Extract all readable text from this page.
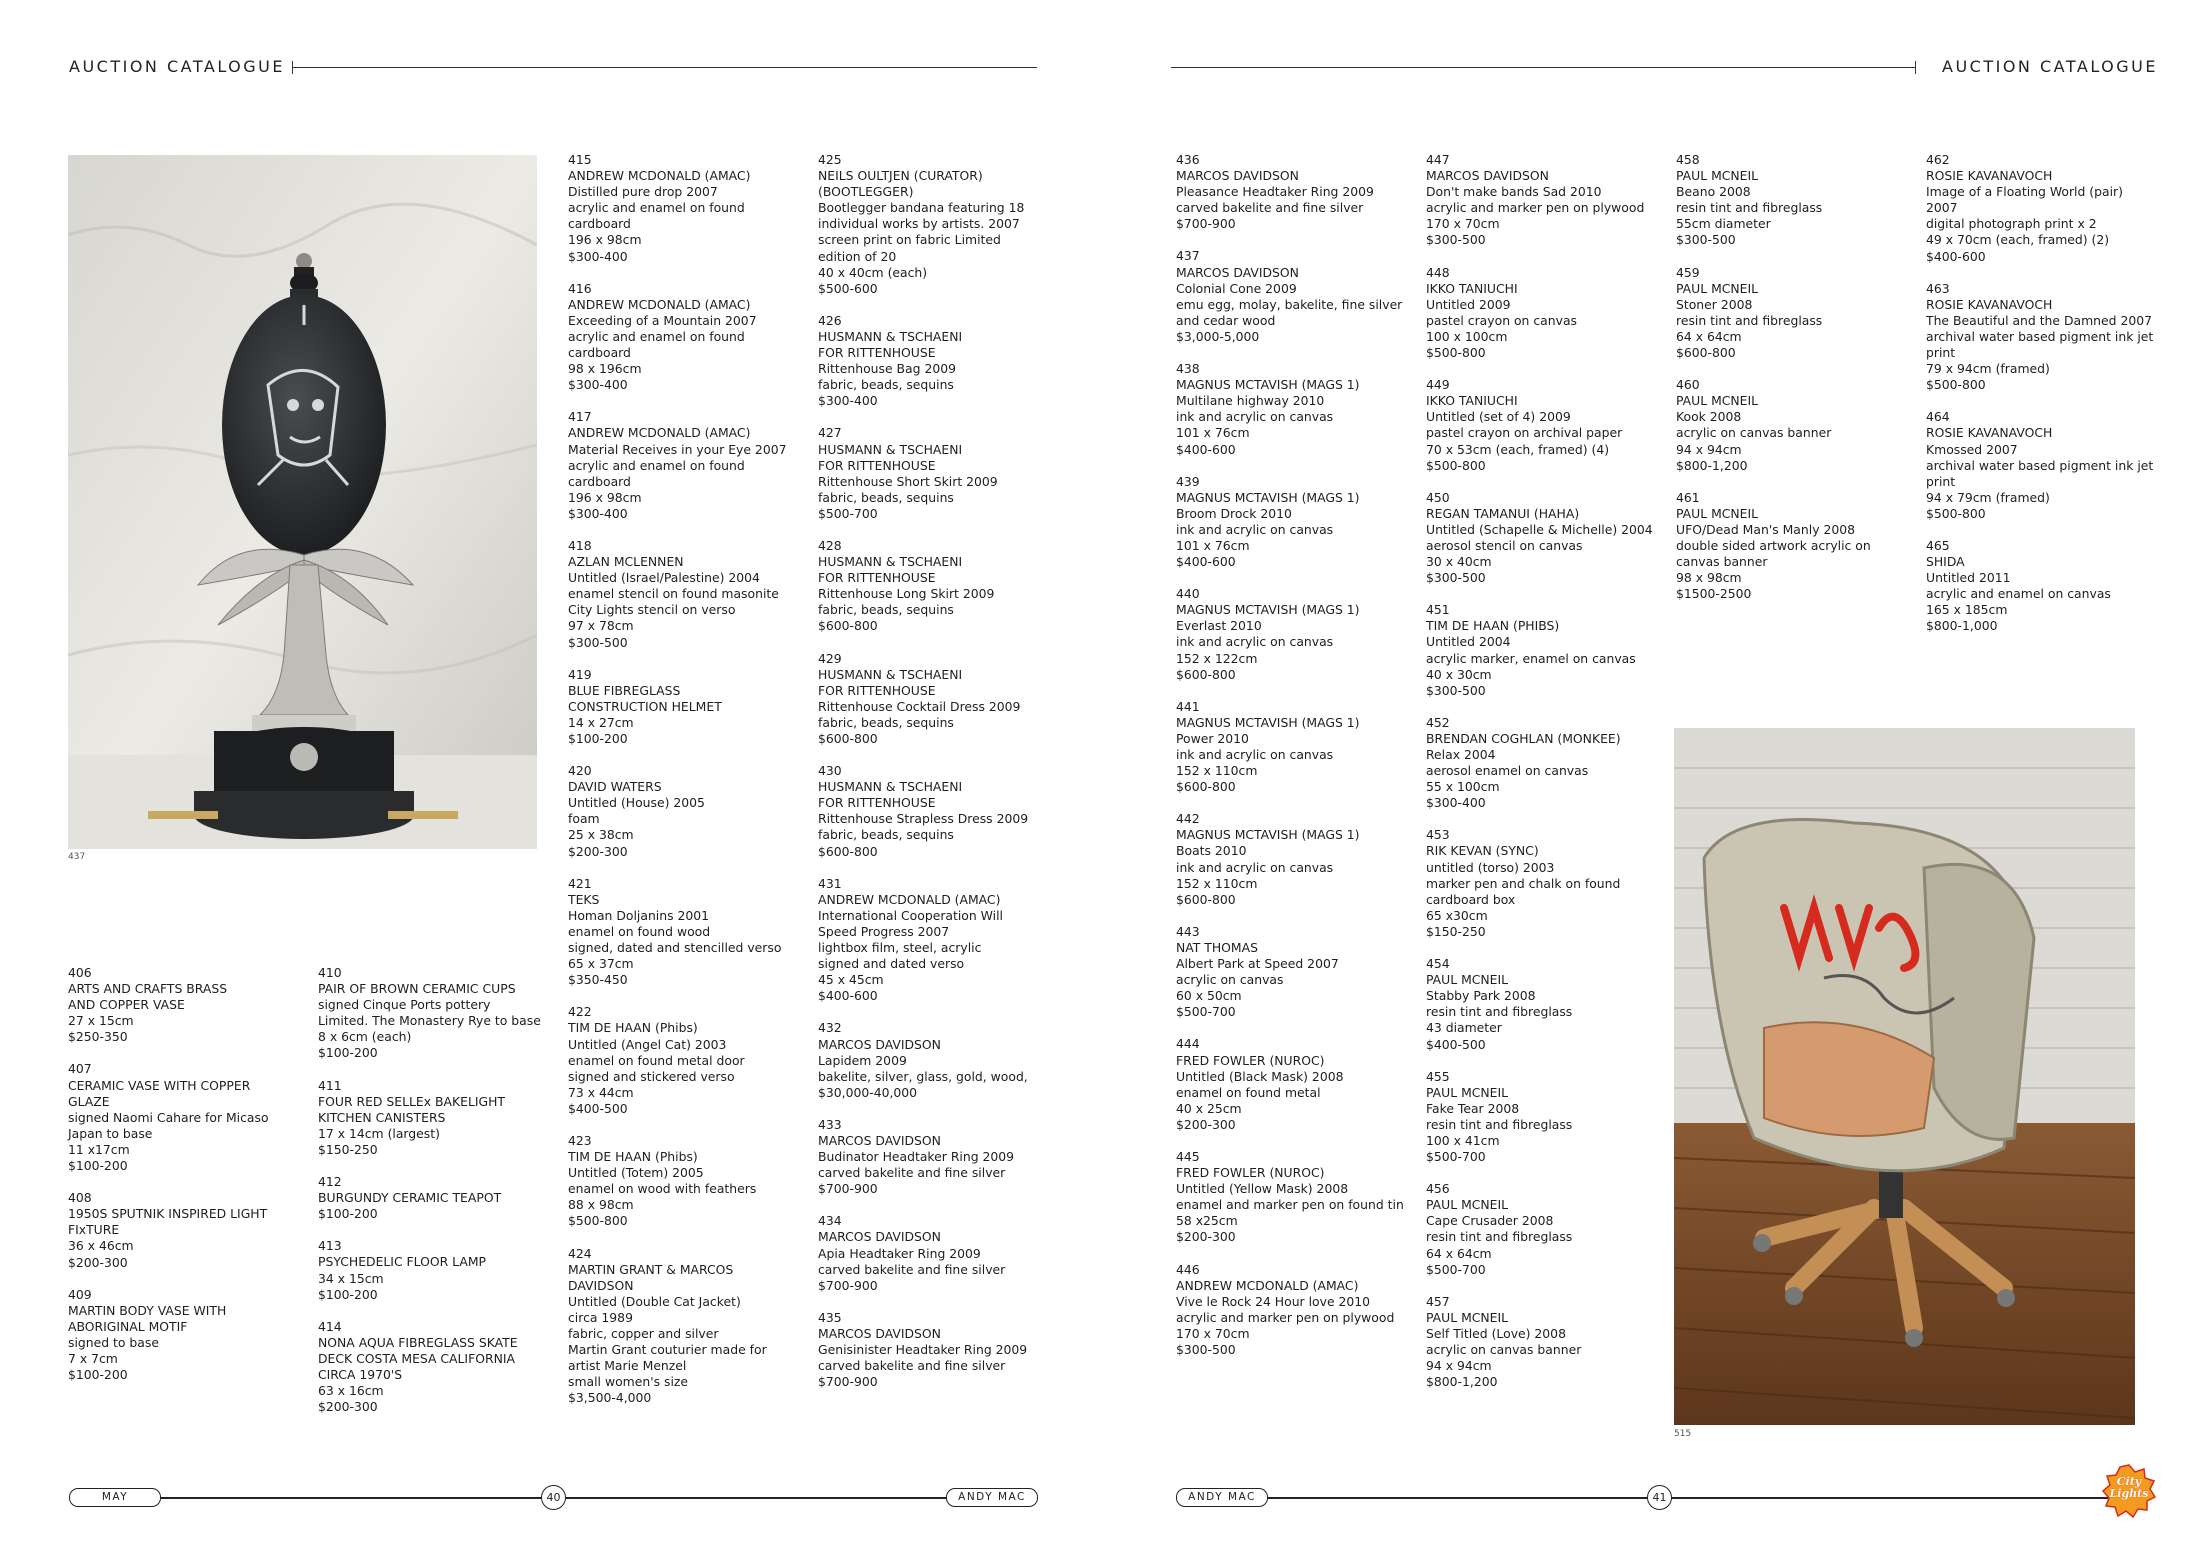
AUCTION CATALOGUE	AUCTION CATALOGUE
437
515
406
ARTS AND CRAFTS BRASS
AND COPPER VASE
27 x 15cm
$250-350
407
CERAMIC VASE WITH COPPER
GLAZE
signed Naomi Cahare for Micaso
Japan to base
11 x17cm
$100-200
408
1950S SPUTNIK INSPIRED LIGHT
FIxTURE
36 x 46cm
$200-300
409
MARTIN BODY VASE WITH
ABORIGINAL MOTIF
signed to base
7 x 7cm
$100-200
410
PAIR OF BROWN CERAMIC CUPS
signed Cinque Ports pottery
Limited. The Monastery Rye to base
8 x 6cm (each)
$100-200
411
FOUR RED SELLEx BAKELIGHT
KITCHEN CANISTERS
17 x 14cm (largest)
$150-250
412
BURGUNDY CERAMIC TEAPOT
$100-200
413
PSYCHEDELIC FLOOR LAMP
34 x 15cm
$100-200
414
NONA AQUA FIBREGLASS SKATE
DECK COSTA MESA CALIFORNIA
CIRCA 1970'S
63 x 16cm
$200-300
415
ANDREW MCDONALD (AMAC)
Distilled pure drop 2007
acrylic and enamel on found
cardboard
196 x 98cm
$300-400
416
ANDREW MCDONALD (AMAC)
Exceeding of a Mountain 2007
acrylic and enamel on found
cardboard
98 x 196cm
$300-400
417
ANDREW MCDONALD (AMAC)
Material Receives in your Eye 2007
acrylic and enamel on found
cardboard
196 x 98cm
$300-400
418
AZLAN MCLENNEN
Untitled (Israel/Palestine) 2004
enamel stencil on found masonite
City Lights stencil on verso
97 x 78cm
$300-500
419
BLUE FIBREGLASS
CONSTRUCTION HELMET
14 x 27cm
$100-200
420
DAVID WATERS
Untitled (House) 2005
foam
25 x 38cm
$200-300
421
TEKS
Homan Doljanins 2001
enamel on found wood
signed, dated and stencilled verso
65 x 37cm
$350-450
422
TIM DE HAAN (Phibs)
Untitled (Angel Cat) 2003
enamel on found metal door
signed and stickered verso
73 x 44cm
$400-500
423
TIM DE HAAN (Phibs)
Untitled (Totem) 2005
enamel on wood with feathers
88 x 98cm
$500-800
424
MARTIN GRANT & MARCOS
DAVIDSON
Untitled (Double Cat Jacket)
circa 1989
fabric, copper and silver
Martin Grant couturier made for
artist Marie Menzel
small women's size
$3,500-4,000
425
NEILS OULTJEN (CURATOR)
(BOOTLEGGER)
Bootlegger bandana featuring 18
individual works by artists. 2007
screen print on fabric Limited
edition of 20
40 x 40cm (each)
$500-600
426
HUSMANN & TSCHAENI
FOR RITTENHOUSE
Rittenhouse Bag 2009
fabric, beads, sequins
$300-400
427
HUSMANN & TSCHAENI
FOR RITTENHOUSE
Rittenhouse Short Skirt 2009
fabric, beads, sequins
$500-700
428
HUSMANN & TSCHAENI
FOR RITTENHOUSE
Rittenhouse Long Skirt 2009
fabric, beads, sequins
$600-800
429
HUSMANN & TSCHAENI
FOR RITTENHOUSE
Rittenhouse Cocktail Dress 2009
fabric, beads, sequins
$600-800
430
HUSMANN & TSCHAENI
FOR RITTENHOUSE
Rittenhouse Strapless Dress 2009
fabric, beads, sequins
$600-800
431
ANDREW MCDONALD (AMAC)
International Cooperation Will
Speed Progress 2007
lightbox film, steel, acrylic
signed and dated verso
45 x 45cm
$400-600
432
MARCOS DAVIDSON
Lapidem 2009
bakelite, silver, glass, gold, wood,
$30,000-40,000
433
MARCOS DAVIDSON
Budinator Headtaker Ring 2009
carved bakelite and fine silver
$700-900
434
MARCOS DAVIDSON
Apia Headtaker Ring 2009
carved bakelite and fine silver
$700-900
435
MARCOS DAVIDSON
Genisinister Headtaker Ring 2009
carved bakelite and fine silver
$700-900
436
MARCOS DAVIDSON
Pleasance Headtaker Ring 2009
carved bakelite and fine silver
$700-900
437
MARCOS DAVIDSON
Colonial Cone 2009
emu egg, molay, bakelite, fine silver
and cedar wood
$3,000-5,000
438
MAGNUS MCTAVISH (MAGS 1)
Multilane highway 2010
ink and acrylic on canvas
101 x 76cm
$400-600
439
MAGNUS MCTAVISH (MAGS 1)
Broom Drock 2010
ink and acrylic on canvas
101 x 76cm
$400-600
440
MAGNUS MCTAVISH (MAGS 1)
Everlast 2010
ink and acrylic on canvas
152 x 122cm
$600-800
441
MAGNUS MCTAVISH (MAGS 1)
Power 2010
ink and acrylic on canvas
152 x 110cm
$600-800
442
MAGNUS MCTAVISH (MAGS 1)
Boats 2010
ink and acrylic on canvas
152 x 110cm
$600-800
443
NAT THOMAS
Albert Park at Speed 2007
acrylic on canvas
60 x 50cm
$500-700
444
FRED FOWLER (NUROC)
Untitled (Black Mask) 2008
enamel on found metal
40 x 25cm
$200-300
445
FRED FOWLER (NUROC)
Untitled (Yellow Mask) 2008
enamel and marker pen on found tin
58 x25cm
$200-300
446
ANDREW MCDONALD (AMAC)
Vive le Rock 24 Hour love 2010
acrylic and marker pen on plywood
170 x 70cm
$300-500
447
MARCOS DAVIDSON
Don't make bands Sad 2010
acrylic and marker pen on plywood
170 x 70cm
$300-500
448
IKKO TANIUCHI
Untitled 2009
pastel crayon on canvas
100 x 100cm
$500-800
449
IKKO TANIUCHI
Untitled (set of 4) 2009
pastel crayon on archival paper
70 x 53cm (each, framed) (4)
$500-800
450
REGAN TAMANUI (HAHA)
Untitled (Schapelle & Michelle) 2004
aerosol stencil on canvas
30 x 40cm
$300-500
451
TIM DE HAAN (PHIBS)
Untitled 2004
acrylic marker, enamel on canvas
40 x 30cm
$300-500
452
BRENDAN COGHLAN (MONKEE)
Relax 2004
aerosol enamel on canvas
55 x 100cm
$300-400
453
RIK KEVAN (SYNC)
untitled (torso) 2003
marker pen and chalk on found
cardboard box
65 x30cm
$150-250
454
PAUL MCNEIL
Stabby Park 2008
resin tint and fibreglass
43 diameter
$400-500
455
PAUL MCNEIL
Fake Tear 2008
resin tint and fibreglass
100 x 41cm
$500-700
456
PAUL MCNEIL
Cape Crusader 2008
resin tint and fibreglass
64 x 64cm
$500-700
457
PAUL MCNEIL
Self Titled (Love) 2008
acrylic on canvas banner
94 x 94cm
$800-1,200
458
PAUL MCNEIL
Beano 2008
resin tint and fibreglass
55cm diameter
$300-500
459
PAUL MCNEIL
Stoner 2008
resin tint and fibreglass
64 x 64cm
$600-800
460
PAUL MCNEIL
Kook 2008
acrylic on canvas banner
94 x 94cm
$800-1,200
461
PAUL MCNEIL
UFO/Dead Man's Manly 2008
double sided artwork acrylic on
canvas banner
98 x 98cm
$1500-2500
462
ROSIE KAVANAVOCH
Image of a Floating World (pair)
2007
digital photograph print x 2
49 x 70cm (each, framed) (2)
$400-600
463
ROSIE KAVANAVOCH
The Beautiful and the Damned 2007
archival water based pigment ink jet
print
79 x 94cm (framed)
$500-800
464
ROSIE KAVANAVOCH
Kmossed 2007
archival water based pigment ink jet
print
94 x 79cm (framed)
$500-800
465
SHIDA
Untitled 2011
acrylic and enamel on canvas
165 x 185cm
$800-1,000
MAY	40	ANDY MAC	ANDY MAC	41
City
Lights
